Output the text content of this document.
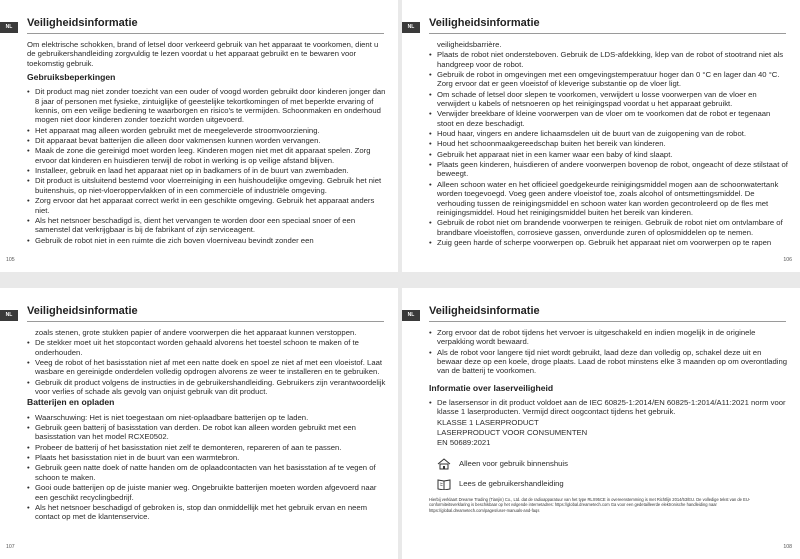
NL	Veiligheidsinformatie

Om elektrische schokken, brand of letsel door verkeerd gebruik van het apparaat te voorkomen, dient u de gebruikershandleiding zorgvuldig te lezen voordat u het apparaat gebruikt en te bewaren voor toekomstig gebruik.

Gebruiksbeperkingen
• Dit product mag niet zonder toezicht van een ouder of voogd worden gebruikt door kinderen jonger dan 8 jaar of personen met fysieke, zintuiglijke of geestelijke tekortkomingen of met beperkte ervaring of kennis, om een veilige bediening te waarborgen en risico's te vermijden. Schoonmaken en onderhoud mogen niet door kinderen zonder toezicht worden uitgevoerd.
• Het apparaat mag alleen worden gebruikt met de meegeleverde stroomvoorziening.
• Dit apparaat bevat batterijen die alleen door vakmensen kunnen worden vervangen.
• Maak de zone die gereinigd moet worden leeg. Kinderen mogen niet met dit apparaat spelen. Zorg ervoor dat kinderen en huisdieren terwijl de robot in werking is op veilige afstand blijven.
• Installeer, gebruik en laad het apparaat niet op in badkamers of in de buurt van zwembaden.
• Dit product is uitsluitend bestemd voor vloerreiniging in een huishoudelijke omgeving. Gebruik het niet buitenshuis, op niet-vloeroppervlakken of in een commerciële of industriële omgeving.
• Zorg ervoor dat het apparaat correct werkt in een geschikte omgeving. Gebruik het apparaat anders niet.
• Als het netsnoer beschadigd is, dient het vervangen te worden door een speciaal snoer of een samenstel dat verkrijgbaar is bij de fabrikant of zijn serviceagent.
• Gebruik de robot niet in een ruimte die zich boven vloerniveau bevindt zonder een
105
NL	Veiligheidsinformatie
veiligheidsbarrière.
• Plaats de robot niet ondersteboven. Gebruik de LDS-afdekking, klep van de robot of stootrand niet als handgreep voor de robot.
• Gebruik de robot in omgevingen met een omgevingstemperatuur hoger dan 0 °C en lager dan 40 °C. Zorg ervoor dat er geen vloeistof of kleverige substantie op de vloer ligt.
• Om schade of letsel door slepen te voorkomen, verwijdert u losse voorwerpen van de vloer en verwijdert u kabels of netsnoeren op het reinigingspad voordat u het apparaat gebruikt.
• Verwijder breekbare of kleine voorwerpen van de vloer om te voorkomen dat de robot er tegenaan stoot en deze beschadigt.
• Houd haar, vingers en andere lichaamsdelen uit de buurt van de zuigopening van de robot.
• Houd het schoonmaakgereedschap buiten het bereik van kinderen.
• Gebruik het apparaat niet in een kamer waar een baby of kind slaapt.
• Plaats geen kinderen, huisdieren of andere voorwerpen bovenop de robot, ongeacht of deze stilstaat of beweegt.
• Alleen schoon water en het officieel goedgekeurde reinigingsmiddel mogen aan de schoonwatertank worden toegevoegd. Voeg geen andere vloeistof toe, zoals alcohol of ontsmettingsmiddel. De verhouding tussen de reinigingsmiddel en schoon water kan worden gecontroleerd op de fles met reinigingsmiddel. Houd het reinigingsmiddel buiten het bereik van kinderen.
• Gebruik de robot niet om brandende voorwerpen te reinigen. Gebruik de robot niet om ontvlambare of brandbare vloeistoffen, corrosieve gassen, onverdunde zuren of oplosmiddelen op te nemen.
• Zuig geen harde of scherpe voorwerpen op. Gebruik het apparaat niet om voorwerpen op te rapen
106
NL	Veiligheidsinformatie
zoals stenen, grote stukken papier of andere voorwerpen die het apparaat kunnen verstoppen.
• De stekker moet uit het stopcontact worden gehaald alvorens het toestel schoon te maken of te onderhouden.
• Veeg de robot of het basisstation niet af met een natte doek en spoel ze niet af met een vloeistof. Laat wasbare en gereinigde onderdelen volledig opdrogen alvorens ze weer te installeren en te gebruiken.
• Gebruik dit product volgens de instructies in de gebruikershandleiding. Gebruikers zijn verantwoordelijk voor verlies of schade als gevolg van onjuist gebruik van dit product.
Batterijen en opladen
• Waarschuwing: Het is niet toegestaan om niet-oplaadbare batterijen op te laden.
• Gebruik geen batterij of basisstation van derden. De robot kan alleen worden gebruikt met een basisstation van het model RCXE0502.
• Probeer de batterij of het basisstation niet zelf te demonteren, repareren of aan te passen.
• Plaats het basisstation niet in de buurt van een warmtebron.
• Gebruik geen natte doek of natte handen om de oplaadcontacten van het basisstation af te vegen of schoon te maken.
• Gooi oude batterijen op de juiste manier weg. Ongebruikte batterijen moeten worden afgevoerd naar een geschikt recyclingbedrijf.
• Als het netsnoer beschadigd of gebroken is, stop dan onmiddellijk met het gebruik ervan en neem contact op met de klantenservice.
107
NL	Veiligheidsinformatie
• Zorg ervoor dat de robot tijdens het vervoer is uitgeschakeld en indien mogelijk in de originele verpakking wordt bewaard.
• Als de robot voor langere tijd niet wordt gebruikt, laad deze dan volledig op, schakel deze uit en bewaar deze op een koele, droge plaats. Laad de robot minstens elke 3 maanden op om overontlading van de batterij te voorkomen.
Informatie over laserveiligheid
• De lasersensor in dit product voldoet aan de IEC 60825-1:2014/EN 60825-1:2014/A11:2021 norm voor klasse 1 laserproducten. Vermijd direct oogcontact tijdens het gebruik.
KLASSE 1 LASERPRODUCT
LASERPRODUCT VOOR CONSUMENTEN
EN 50689:2021
Alleen voor gebruik binnenshuis
Lees de gebruikershandleiding
Hierbij verklaart Dreame Trading (Tianjin) Co., Ltd. dat de radioapparatuur van het type RLX95CE in overeenstemming is met Richtlijn 2014/53/EU. De volledige tekst van de EU-conformiteitsverklaring is beschikbaar op het volgende internetadres: https://global.dreametech.com Ga voor een gedetailleerde elektronische handleiding naar https://global.dreametech.com/pages/user-manuals-and-faqs
108
